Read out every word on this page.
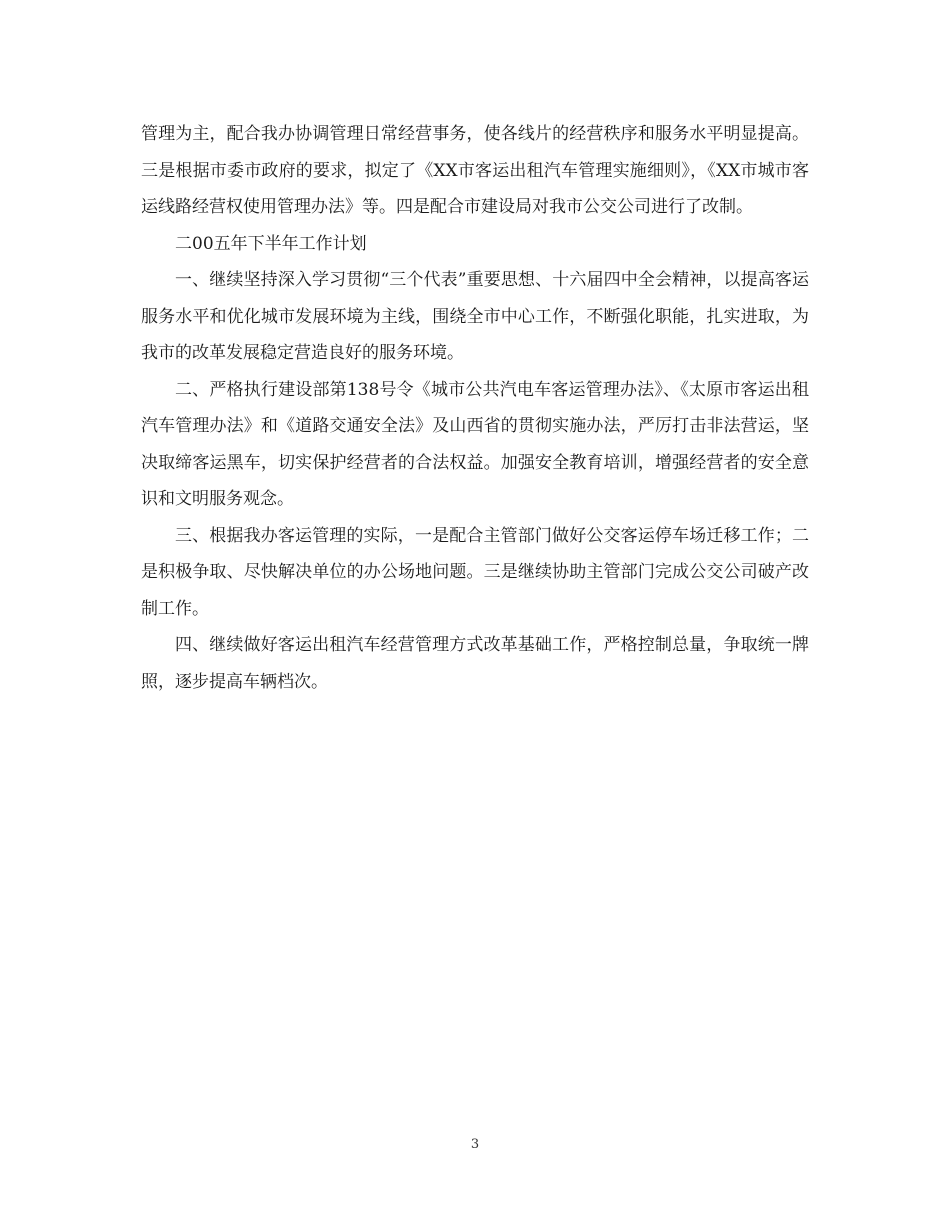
管理为主，配合我办协调管理日常经营事务，使各线片的经营秩序和服务水平明显提高。三是根据市委市政府的要求，拟定了《XX市客运出租汽车管理实施细则》，《XX市城市客运线路经营权使用管理办法》等。四是配合市建设局对我市公交公司进行了改制。

二00五年下半年工作计划

一、继续坚持深入学习贯彻“三个代表”重要思想、十六届四中全会精神，以提高客运服务水平和优化城市发展环境为主线，围绕全市中心工作，不断强化职能，扎实进取，为我市的改革发展稳定营造良好的服务环境。

二、严格执行建设部第138号令《城市公共汽电车客运管理办法》、《太原市客运出租汽车管理办法》和《道路交通安全法》及山西省的贯彻实施办法，严厉打击非法营运，坚决取缔客运黑车，切实保护经营者的合法权益。加强安全教育培训，增强经营者的安全意识和文明服务观念。

三、根据我办客运管理的实际，一是配合主管部门做好公交客运停车场迁移工作；二是积极争取、尽快解决单位的办公场地问题。三是继续协助主管部门完成公交公司破产改制工作。

四、继续做好客运出租汽车经营管理方式改革基础工作，严格控制总量，争取统一牌照，逐步提高车辆档次。

3
